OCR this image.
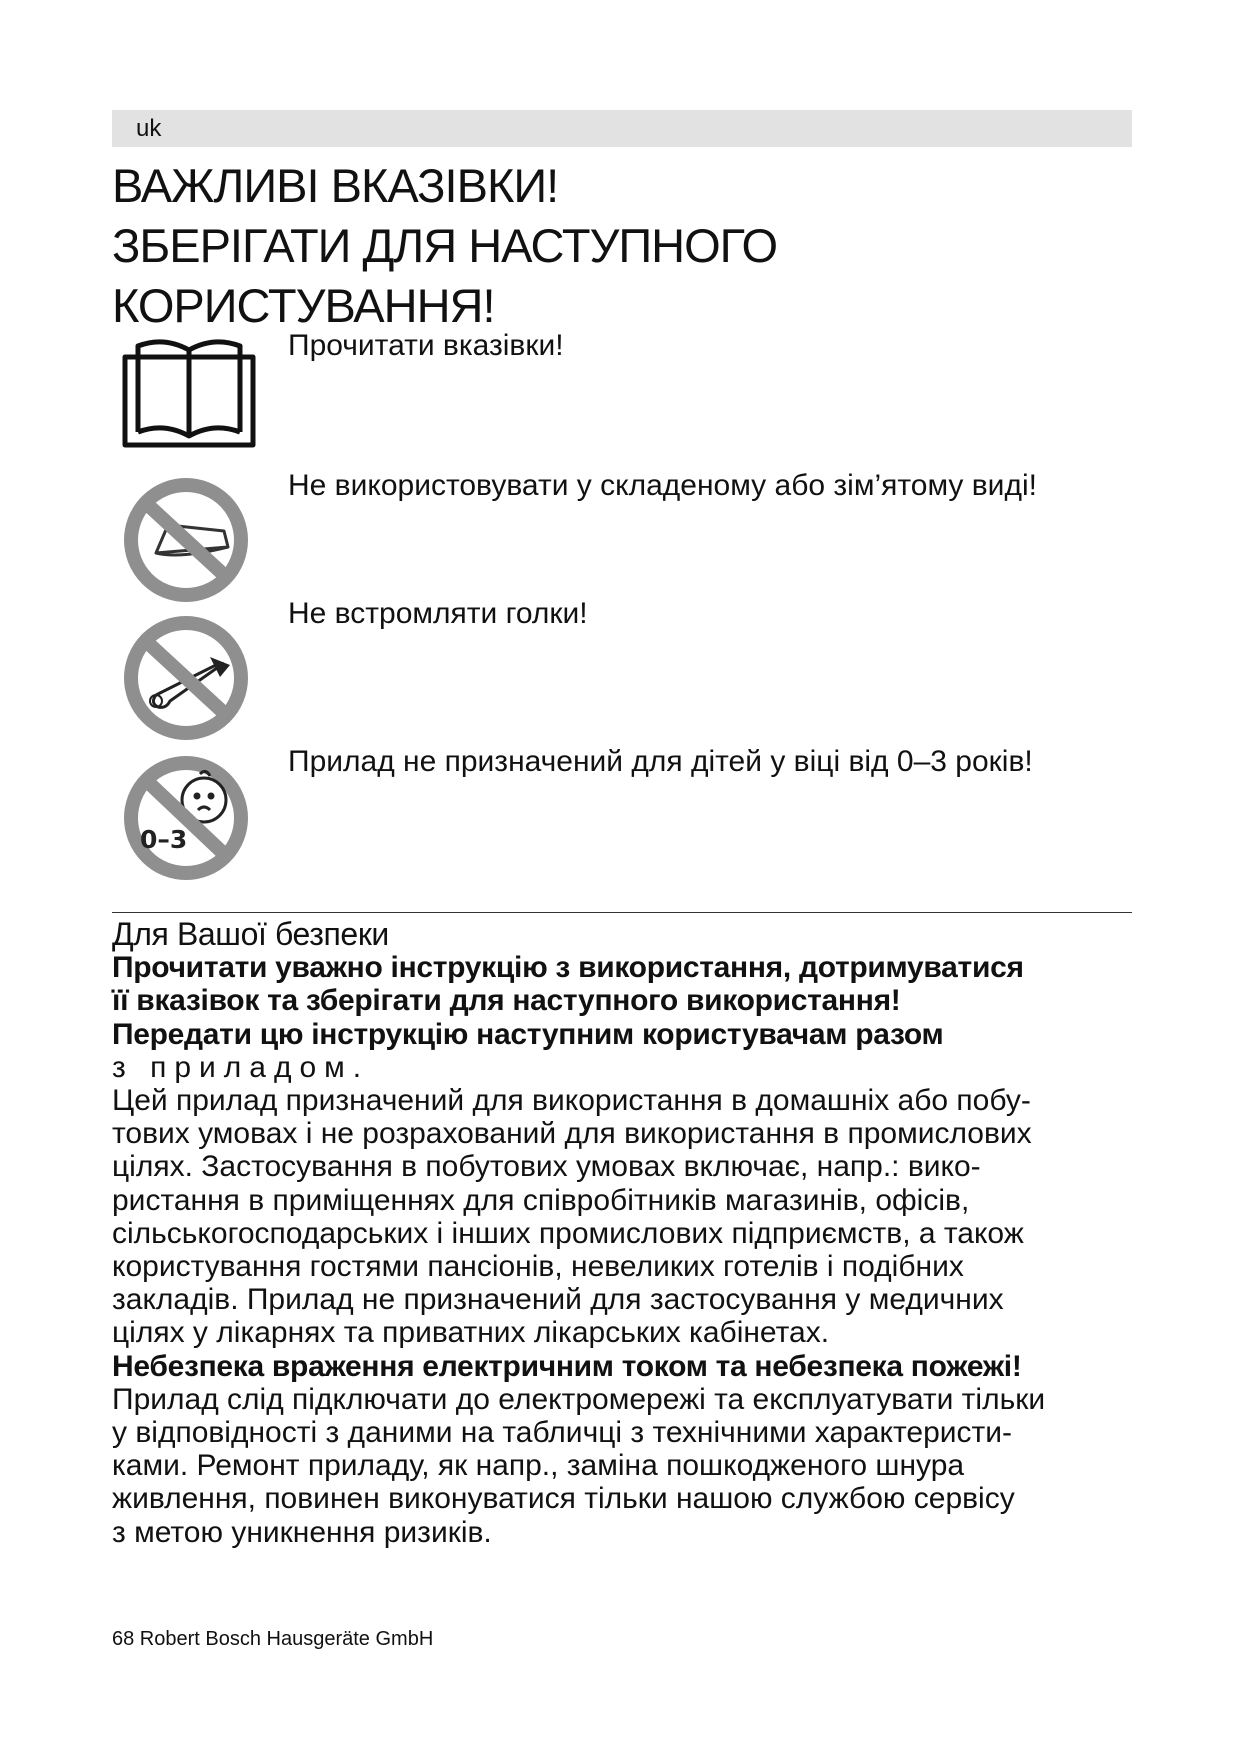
uk
ВАЖЛИВІ ВКАЗІВКИ!
ЗБЕРІГАТИ ДЛЯ НАСТУПНОГО
КОРИСТУВАННЯ!
Прочитати вказівки!
Не використовувати у складеному або зім’ятому виді!
Не встромляти голки!
0–3
Прилад не призначений для дітей у віці від 0–3 років!

Для Вашої безпеки

Прочитати уважно інструкцію з використання, дотримуватися

її вказівок та зберігати для наступного використання!

Передати цю інструкцію наступним користувачам разом

з приладом.

Цей прилад призначений для використання в домашніх або побу-

тових умовах і не розрахований для використання в промислових

цілях. Застосування в побутових умовах включає, напр.: вико-

ристання в приміщеннях для співробітників магазинів, офісів,

сільськогосподарських і інших промислових підприємств, а також

користування гостями пансіонів, невеликих готелів і подібних

закладів. Прилад не призначений для застосування у медичних

цілях у лікарнях та приватних лікарських кабінетах.

Небезпека враження електричним током та небезпека пожежі!

Прилад слід підключати до електромережі та експлуатувати тільки

у відповідності з даними на табличці з технічними характеристи-

ками. Ремонт приладу, як напр., заміна пошкодженого шнура

живлення, повинен виконуватися тільки нашою службою сервісу

з метою уникнення ризиків.

68 Robert Bosch Hausgeräte GmbH
